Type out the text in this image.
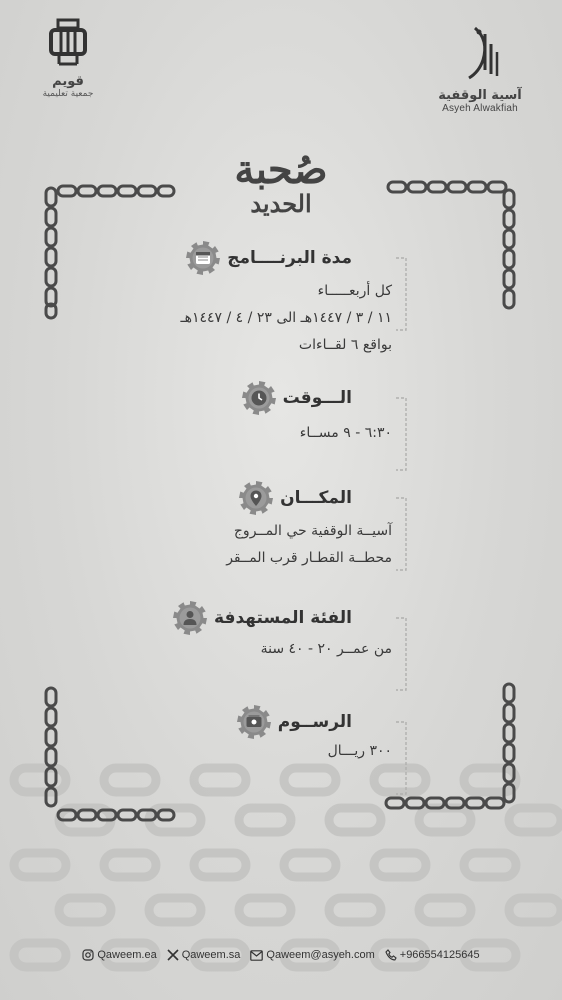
آسية الوقفية
Asyeh Alwakfiah
قويم
جمعية تعليمية
صُحبة
الحديد
مدة البرنــــامج
كل أربعـــــاء
١١ / ٣ / ١٤٤٧هـ الى ٢٣ / ٤ / ١٤٤٧هـ
بواقع ٦ لقــاءات
الـــوقت
٦:٣٠ - ٩ مســاء
المكـــان
آسيــة الوقفية حي المــروج
محطــة القطـار قرب المــقر
الفئة المستهدفة
من عمــر ٢٠ - ٤٠ سنة
الرســوم
٣٠٠ ريـــال
Qaweem.ea Qaweem.sa Qaweem@asyeh.com +966554125645
